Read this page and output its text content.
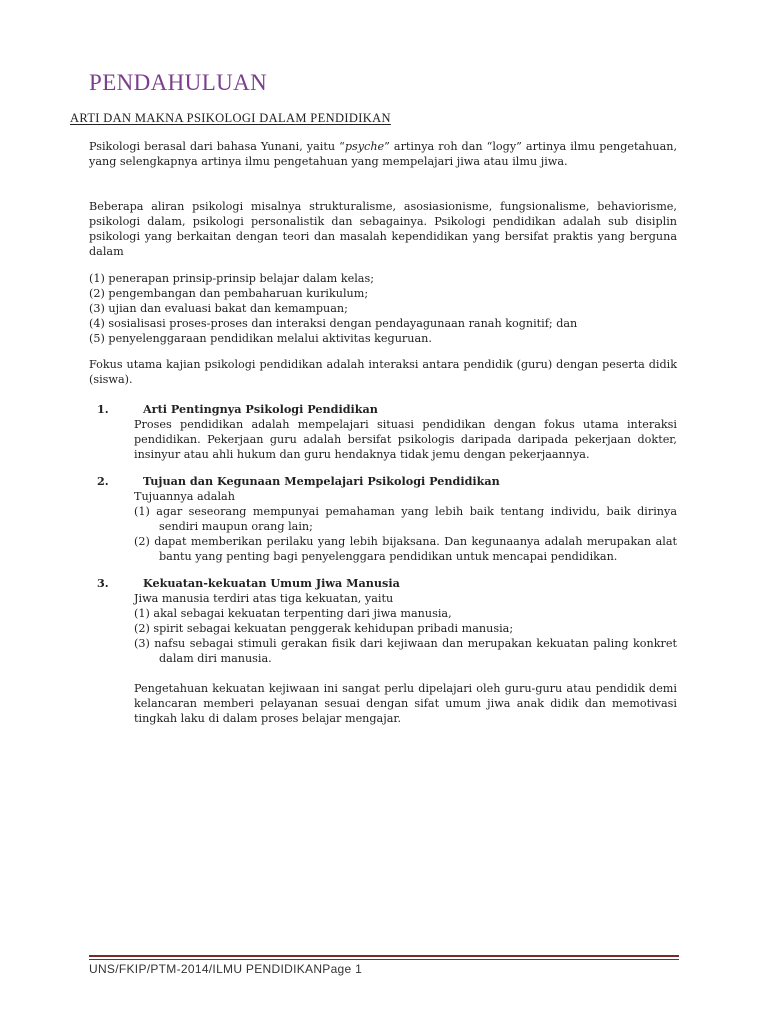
PENDAHULUAN
ARTI DAN MAKNA PSIKOLOGI DALAM PENDIDIKAN

Psikologi berasal dari bahasa Yunani, yaitu “psyche” artinya roh dan “logy” artinya ilmu pengetahuan, yang selengkapnya artinya ilmu pengetahuan yang mempelajari jiwa atau ilmu jiwa.

Beberapa aliran psikologi misalnya strukturalisme, asosiasionisme, fungsionalisme, behaviorisme, psikologi dalam, psikologi personalistik dan sebagainya. Psikologi pendidikan adalah sub disiplin psikologi yang berkaitan dengan teori dan masalah kependidikan yang bersifat praktis yang berguna dalam

(1) penerapan prinsip-prinsip belajar dalam kelas;
(2) pengembangan dan pembaharuan kurikulum;
(3) ujian dan evaluasi bakat dan kemampuan;
(4) sosialisasi proses-proses dan interaksi dengan pendayagunaan ranah kognitif; dan
(5) penyelenggaraan pendidikan melalui aktivitas keguruan.

Fokus utama kajian psikologi pendidikan adalah interaksi antara pendidik (guru) dengan peserta didik (siswa).

1.	Arti Pentingnya Psikologi Pendidikan

Proses pendidikan adalah mempelajari situasi pendidikan dengan fokus utama interaksi pendidikan. Pekerjaan guru adalah bersifat psikologis daripada daripada pekerjaan dokter, insinyur atau ahli hukum dan guru hendaknya tidak jemu dengan pekerjaannya.

2.	Tujuan dan Kegunaan Mempelajari Psikologi Pendidikan
Tujuannya adalah
(1) agar seseorang mempunyai pemahaman yang lebih baik tentang individu, baik dirinya sendiri maupun orang lain;
(2) dapat memberikan perilaku yang lebih bijaksana. Dan kegunaanya adalah merupakan alat bantu yang penting bagi penyelenggara pendidikan untuk mencapai pendidikan.
3.	Kekuatan-kekuatan Umum Jiwa Manusia
Jiwa manusia terdiri atas tiga kekuatan, yaitu
(1) akal sebagai kekuatan terpenting dari jiwa manusia,
(2) spirit sebagai kekuatan penggerak kehidupan pribadi manusia;
(3) nafsu sebagai stimuli gerakan fisik dari kejiwaan dan merupakan kekuatan paling konkret dalam diri manusia.

Pengetahuan kekuatan kejiwaan ini sangat perlu dipelajari oleh guru-guru atau pendidik demi kelancaran memberi pelayanan sesuai dengan sifat umum jiwa anak didik dan memotivasi tingkah laku di dalam proses belajar mengajar.

UNS/FKIP/PTM-2014/ILMU PENDIDIKANPage 1
